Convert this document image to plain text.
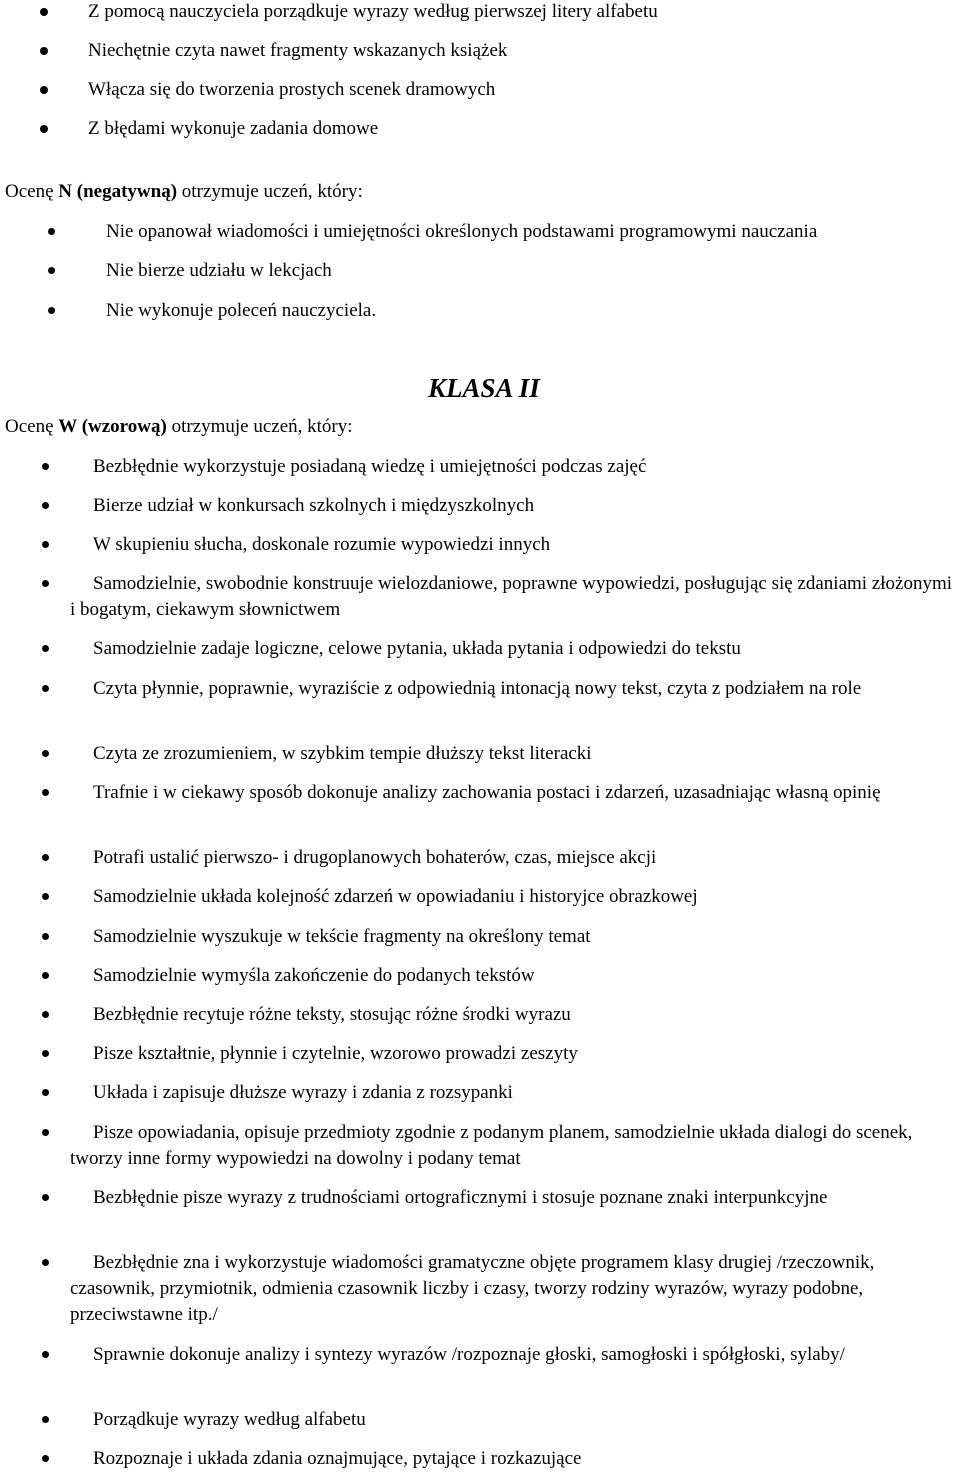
Z pomocą nauczyciela porządkuje wyrazy według pierwszej litery alfabetu
Niechętnie czyta nawet fragmenty wskazanych książek
Włącza się do tworzenia prostych scenek dramowych
Z błędami wykonuje zadania domowe
Ocenę N (negatywną) otrzymuje uczeń, który:
Nie opanował wiadomości i umiejętności określonych podstawami programowymi nauczania
Nie bierze udziału w lekcjach
Nie wykonuje poleceń nauczyciela.
KLASA II
Ocenę W (wzorową) otrzymuje uczeń, który:
Bezbłędnie wykorzystuje posiadaną wiedzę i umiejętności podczas zajęć
Bierze udział w konkursach szkolnych i międzyszkolnych
W skupieniu słucha, doskonale rozumie wypowiedzi innych
Samodzielnie, swobodnie konstruuje wielozdaniowe, poprawne wypowiedzi, posługując się zdaniami złożonymi i bogatym, ciekawym słownictwem
Samodzielnie zadaje logiczne, celowe pytania, układa pytania i odpowiedzi do tekstu
Czyta płynnie, poprawnie, wyraziście z odpowiednią intonacją nowy tekst, czyta z podziałem na role
Czyta ze zrozumieniem, w szybkim tempie dłuższy tekst literacki
Trafnie i w ciekawy sposób dokonuje analizy zachowania postaci i zdarzeń, uzasadniając własną opinię
Potrafi ustalić pierwszo- i drugoplanowych bohaterów, czas, miejsce akcji
Samodzielnie układa kolejność zdarzeń w opowiadaniu i historyjce obrazkowej
Samodzielnie wyszukuje w tekście fragmenty na określony temat
Samodzielnie wymyśla zakończenie do podanych tekstów
Bezbłędnie recytuje różne teksty, stosując różne środki wyrazu
Pisze kształtnie, płynnie i czytelnie, wzorowo prowadzi zeszyty
Układa i zapisuje dłuższe wyrazy i zdania z rozsypanki
Pisze opowiadania, opisuje przedmioty zgodnie z podanym planem, samodzielnie układa dialogi do scenek, tworzy inne formy wypowiedzi na dowolny i podany temat
Bezbłędnie pisze wyrazy z trudnościami ortograficznymi i stosuje poznane znaki interpunkcyjne
Bezbłędnie zna i wykorzystuje wiadomości gramatyczne objęte programem klasy drugiej /rzeczownik, czasownik, przymiotnik, odmienia czasownik liczby i czasy, tworzy rodziny wyrazów, wyrazy podobne, przeciwstawne itp./
Sprawnie dokonuje analizy i syntezy wyrazów /rozpoznaje głoski, samogłoski i spółgłoski, sylaby/
Porządkuje wyrazy według alfabetu
Rozpoznaje i układa zdania oznajmujące, pytające i rozkazujące
